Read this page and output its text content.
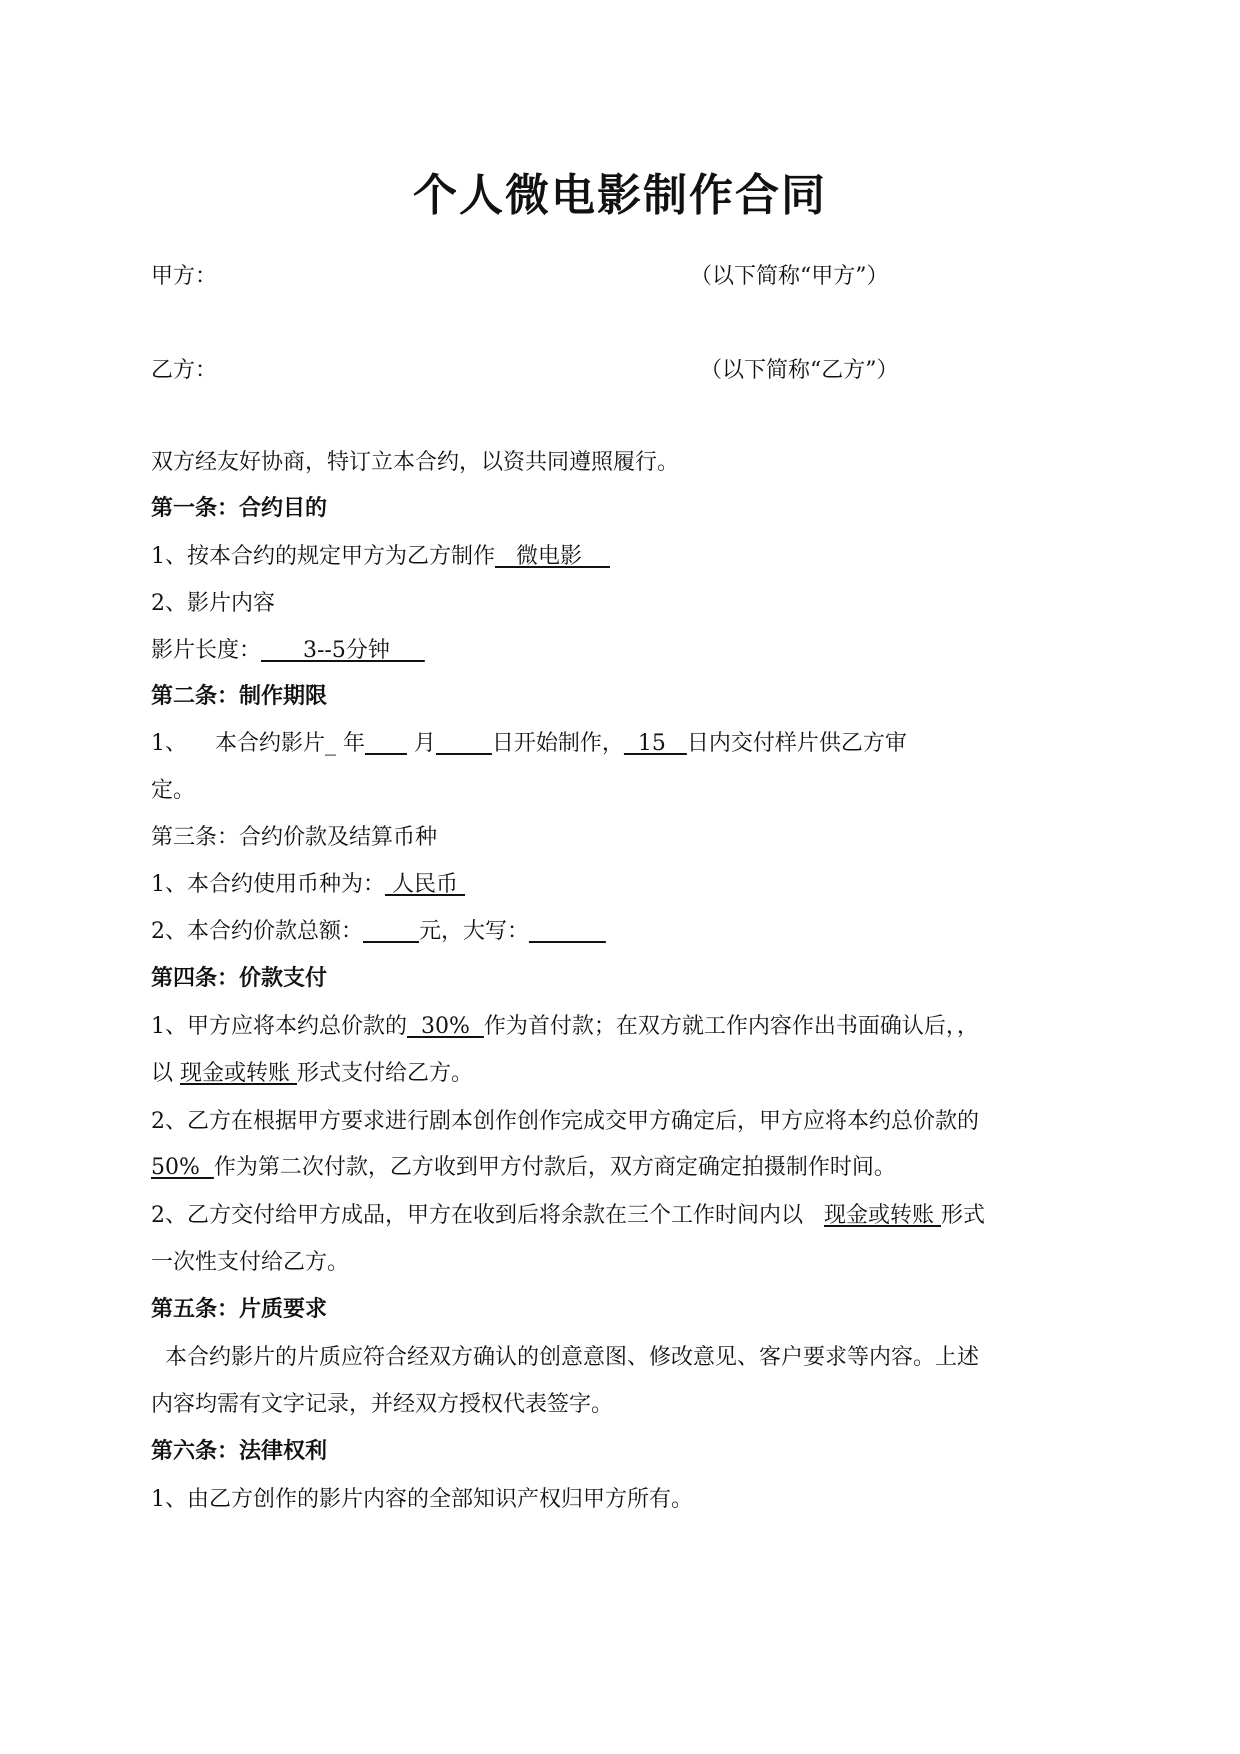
个人微电影制作合同
甲方：	（以下简称“甲方”）
乙方：	（以下简称“乙方”）
双方经友好协商，特订立本合约，以资共同遵照履行。
第一条：合约目的
1、按本合约的规定甲方为乙方制作   微电影
2、影片内容
影片长度：      3--5分钟
第二条：制作期限
1、    本合约影片_ 年       月	日开始制作，  15   日内交付样片供乙方审
定。
第三条：合约价款及结算币种
1、本合约使用币种为： 人民币
2、本合约价款总额：	元，大写：
第四条：价款支付
1、甲方应将本约总价款的  30%  作为首付款；在双方就工作内容作出书面确认后，，
以 现金或转账 形式支付给乙方。
2、乙方在根据甲方要求进行剧本创作创作完成交甲方确定后，甲方应将本约总价款的
50%  作为第二次付款，乙方收到甲方付款后，双方商定确定拍摄制作时间。
2、乙方交付给甲方成品，甲方在收到后将余款在三个工作时间内以   现金或转账 形式
一次性支付给乙方。
第五条：片质要求
本合约影片的片质应符合经双方确认的创意意图、修改意见、客户要求等内容。上述
内容均需有文字记录，并经双方授权代表签字。
第六条：法律权利
1、由乙方创作的影片内容的全部知识产权归甲方所有。
